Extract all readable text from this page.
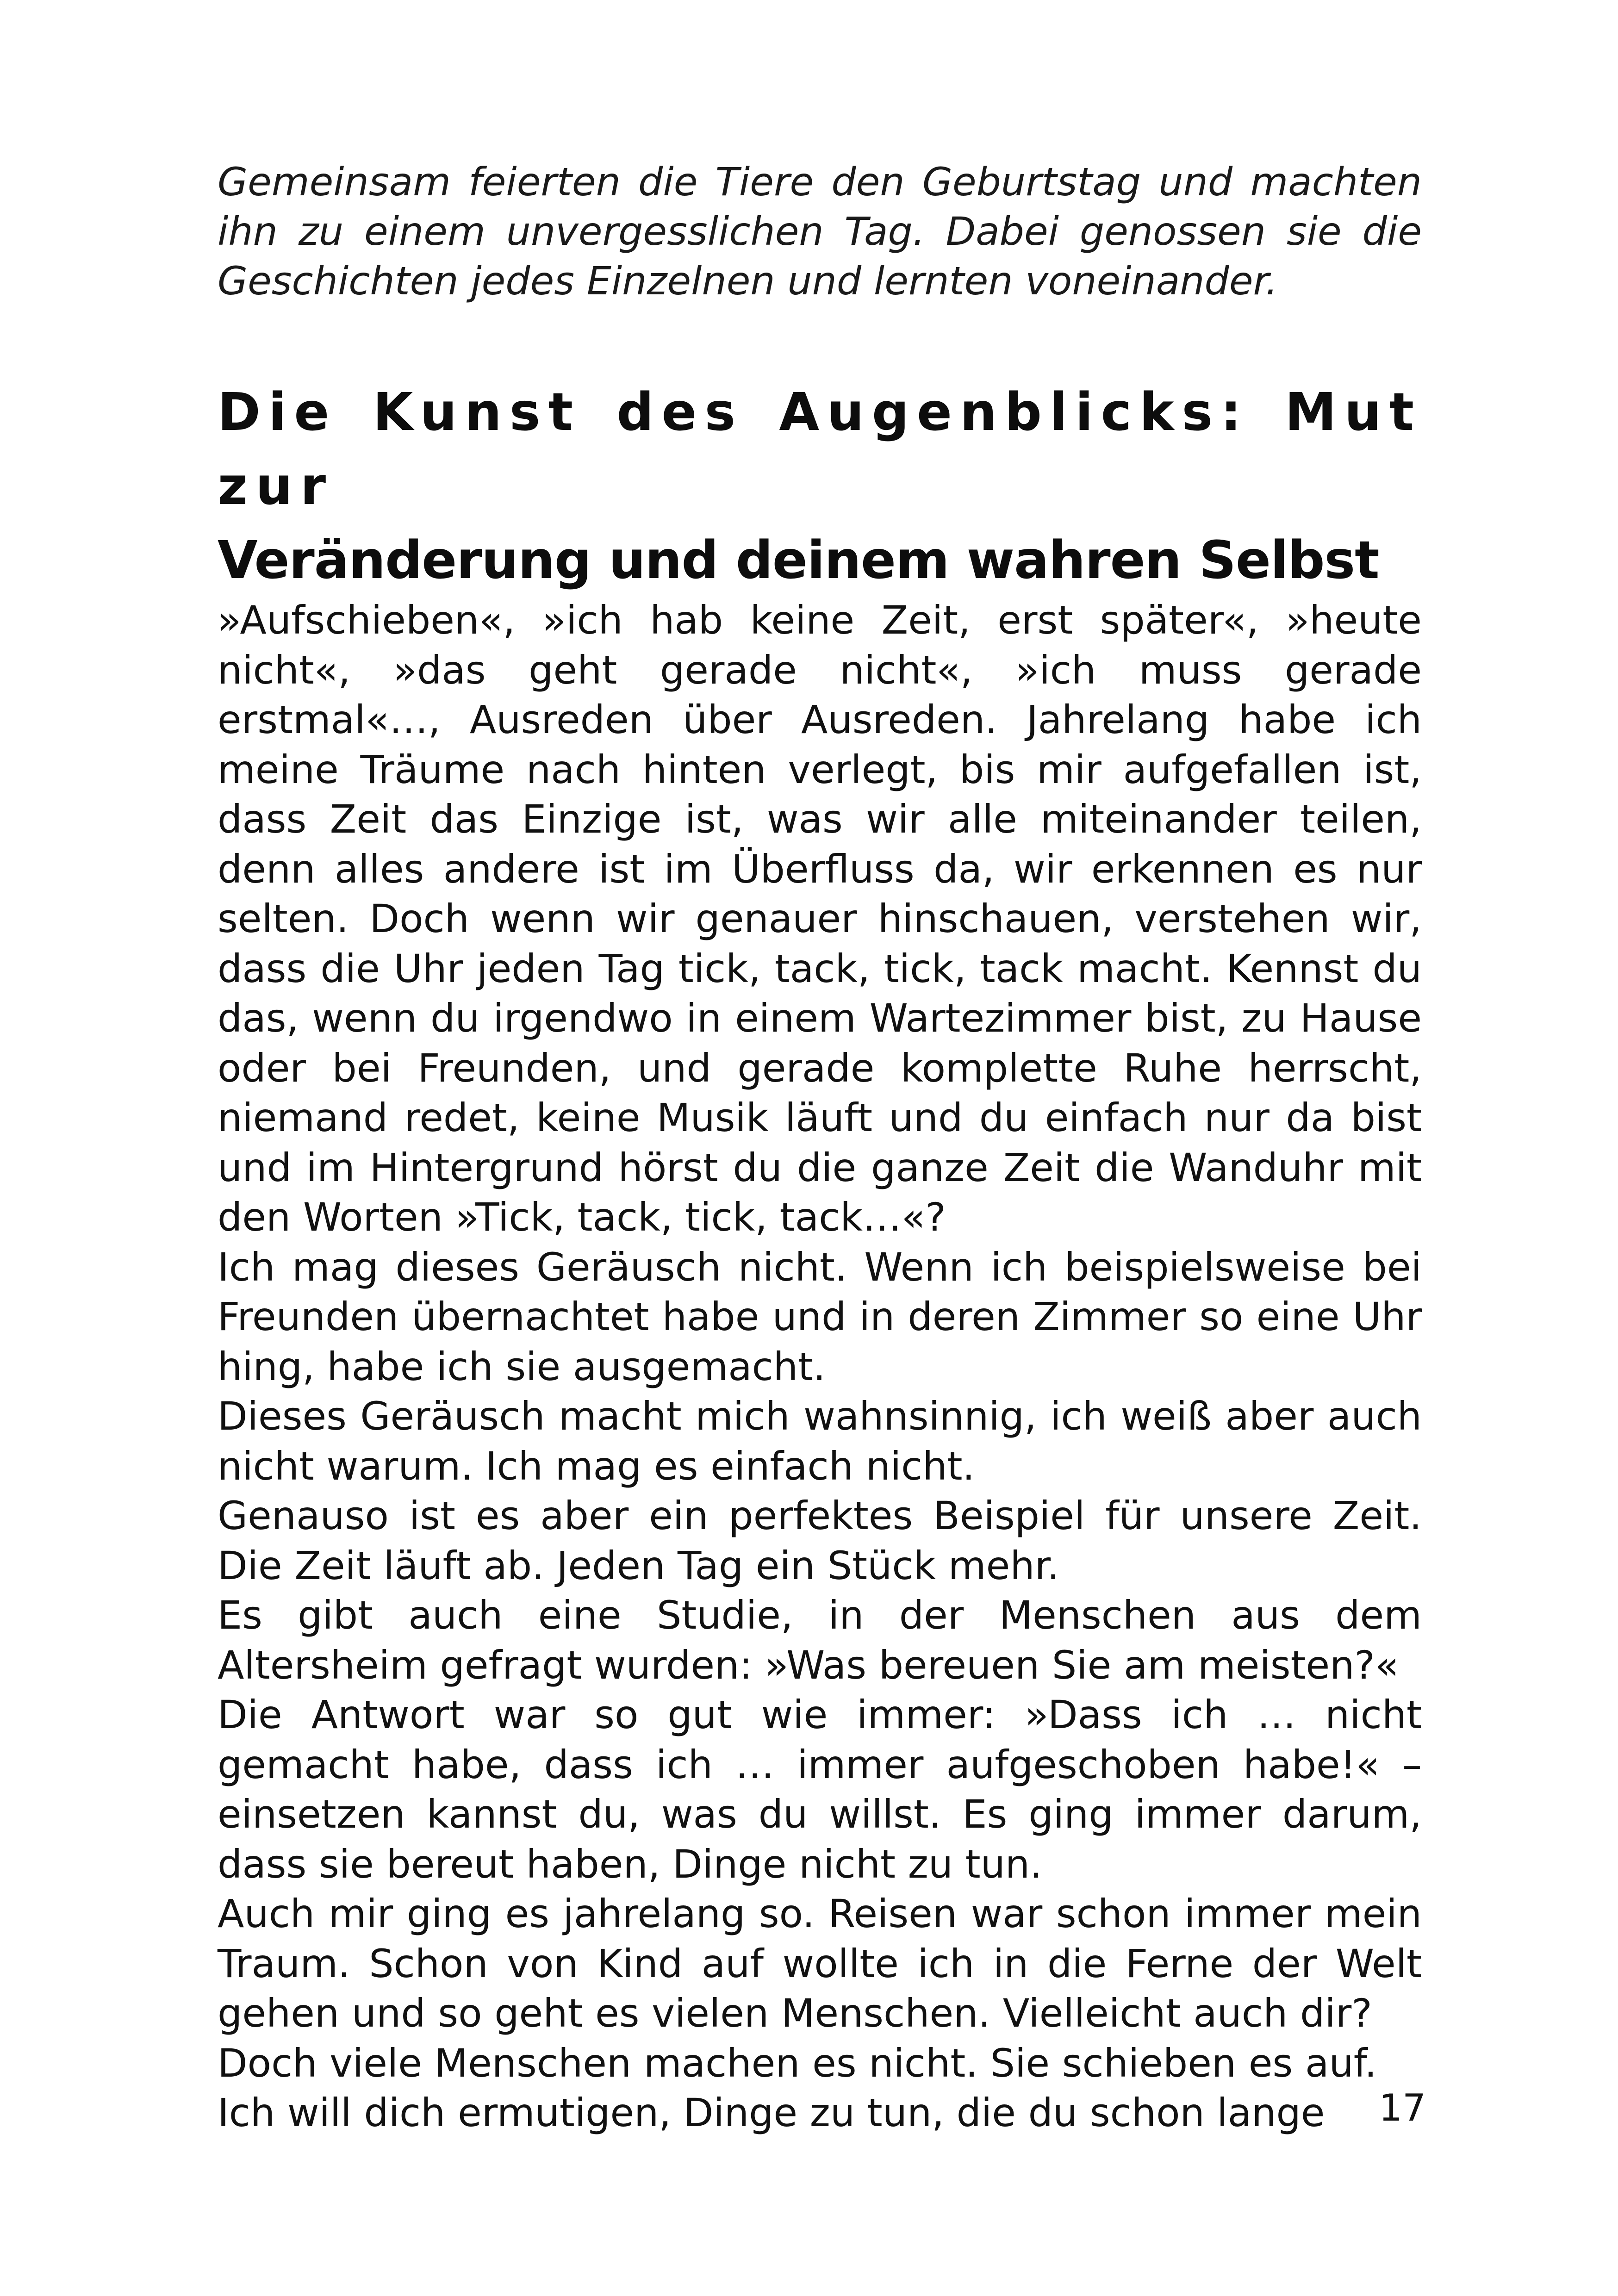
Gemeinsam feierten die Tiere den Geburtstag und machten ihn zu einem unvergesslichen Tag. Dabei genossen sie die Geschichten jedes Einzelnen und lernten voneinander.

Die Kunst des Augenblicks: Mut zur
Veränderung und deinem wahren Selbst

»Aufschieben«, »ich hab keine Zeit, erst später«, »heute nicht«, »das geht gerade nicht«, »ich muss gerade erstmal«…, Ausreden über Ausreden. Jahrelang habe ich meine Träume nach hinten verlegt, bis mir aufgefallen ist, dass Zeit das Einzige ist, was wir alle miteinander teilen, denn alles andere ist im Überfluss da, wir erkennen es nur selten. Doch wenn wir genauer hinschauen, verstehen wir, dass die Uhr jeden Tag tick, tack, tick, tack macht. Kennst du das, wenn du irgendwo in einem Wartezimmer bist, zu Hause oder bei Freunden, und gerade komplette Ruhe herrscht, niemand redet, keine Musik läuft und du einfach nur da bist und im Hintergrund hörst du die ganze Zeit die Wanduhr mit den Worten »Tick, tack, tick, tack…«?

Ich mag dieses Geräusch nicht. Wenn ich beispielsweise bei Freunden übernachtet habe und in deren Zimmer so eine Uhr hing, habe ich sie ausgemacht.

Dieses Geräusch macht mich wahnsinnig, ich weiß aber auch nicht warum. Ich mag es einfach nicht.

Genauso ist es aber ein perfektes Beispiel für unsere Zeit. Die Zeit läuft ab. Jeden Tag ein Stück mehr.

Es gibt auch eine Studie, in der Menschen aus dem Altersheim gefragt wurden: »Was bereuen Sie am meisten?«

Die Antwort war so gut wie immer: »Dass ich … nicht gemacht habe, dass ich … immer aufgeschoben habe!« – einsetzen kannst du, was du willst. Es ging immer darum, dass sie bereut haben, Dinge nicht zu tun.

Auch mir ging es jahrelang so. Reisen war schon immer mein Traum. Schon von Kind auf wollte ich in die Ferne der Welt gehen und so geht es vielen Menschen. Vielleicht auch dir?

Doch viele Menschen machen es nicht. Sie schieben es auf.

Ich will dich ermutigen, Dinge zu tun, die du schon lange	17
